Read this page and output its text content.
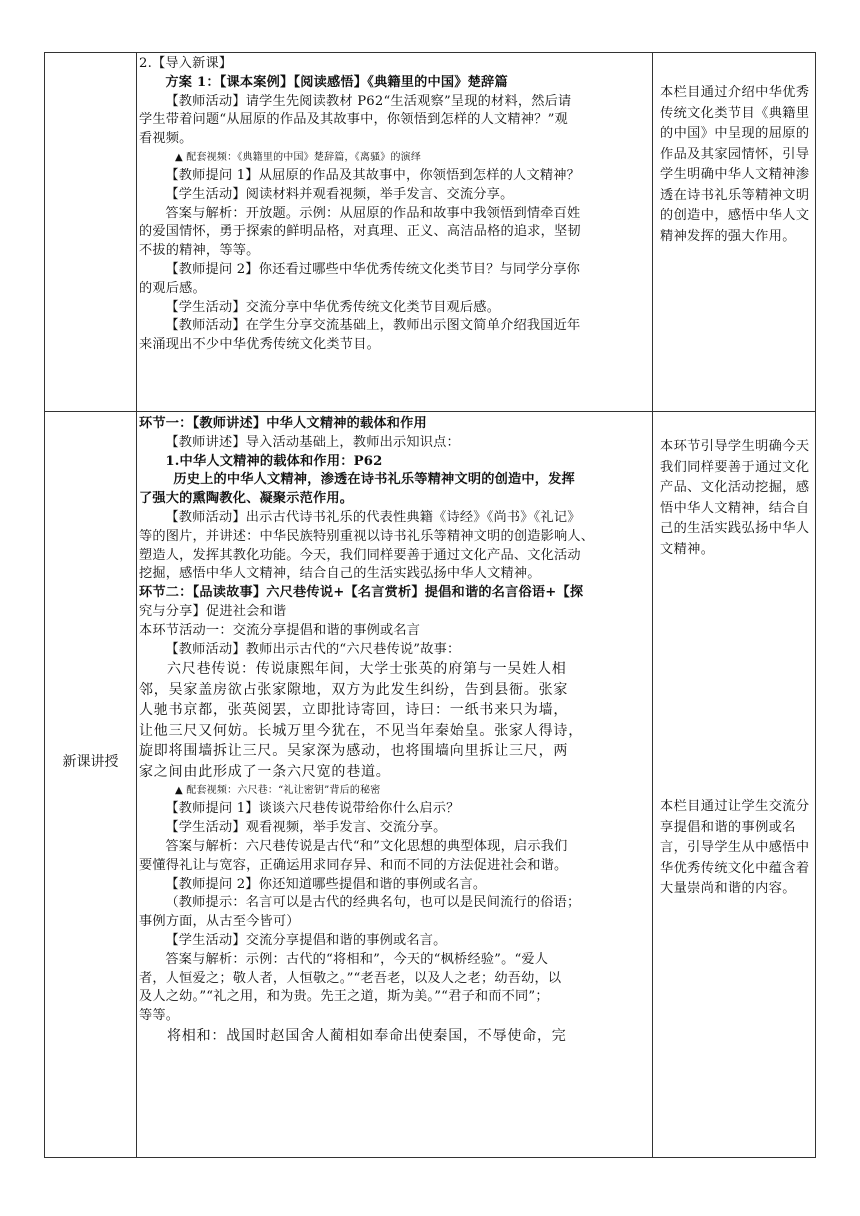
2.【导入新课】

方案 1：【课本案例】【阅读感悟】《典籍里的中国》楚辞篇

【教师活动】请学生先阅读教材 P62“生活观察”呈现的材料，然后请

学生带着问题“从屈原的作品及其故事中，你领悟到怎样的人文精神？”观

看视频。

▲ 配套视频：《典籍里的中国》楚辞篇，《离骚》的演绎

【教师提问 1】从屈原的作品及其故事中，你领悟到怎样的人文精神？

【学生活动】阅读材料并观看视频，举手发言、交流分享。

答案与解析：开放题。示例：从屈原的作品和故事中我领悟到情牵百姓

的爱国情怀，勇于探索的鲜明品格，对真理、正义、高洁品格的追求，坚韧

不拔的精神，等等。

【教师提问 2】你还看过哪些中华优秀传统文化类节目？与同学分享你

的观后感。

【学生活动】交流分享中华优秀传统文化类节目观后感。

【教师活动】在学生分享交流基础上，教师出示图文简单介绍我国近年

来涌现出不少中华优秀传统文化类节目。

本栏目通过介绍中华优秀传统文化类节目《典籍里的中国》中呈现的屈原的作品及其家园情怀，引导学生明确中华人文精神渗透在诗书礼乐等精神文明的创造中，感悟中华人文精神发挥的强大作用。

新课讲授

环节一：【教师讲述】中华人文精神的载体和作用

【教师讲述】导入活动基础上，教师出示知识点：

1.中华人文精神的载体和作用：P62

历史上的中华人文精神，渗透在诗书礼乐等精神文明的创造中，发挥

了强大的熏陶教化、凝聚示范作用。

【教师活动】出示古代诗书礼乐的代表性典籍《诗经》《尚书》《礼记》

等的图片，并讲述：中华民族特别重视以诗书礼乐等精神文明的创造影响人、

塑造人，发挥其教化功能。今天，我们同样要善于通过文化产品、文化活动

挖掘，感悟中华人文精神，结合自己的生活实践弘扬中华人文精神。

环节二：【品读故事】六尺巷传说+【名言赏析】提倡和谐的名言俗语+【探

究与分享】促进社会和谐

本环节活动一：交流分享提倡和谐的事例或名言

【教师活动】教师出示古代的“六尺巷传说”故事：

六尺巷传说：传说康熙年间，大学士张英的府第与一吴姓人相

邻，吴家盖房欲占张家隙地，双方为此发生纠纷，告到县衙。张家

人驰书京都，张英阅罢，立即批诗寄回，诗曰：一纸书来只为墙，

让他三尺又何妨。长城万里今犹在，不见当年秦始皇。张家人得诗，

旋即将围墙拆让三尺。吴家深为感动，也将围墙向里拆让三尺，两

家之间由此形成了一条六尺宽的巷道。

▲ 配套视频：六尺巷：“礼让密钥”背后的秘密

【教师提问 1】谈谈六尺巷传说带给你什么启示？

【学生活动】观看视频，举手发言、交流分享。

答案与解析：六尺巷传说是古代“和”文化思想的典型体现，启示我们

要懂得礼让与宽容，正确运用求同存异、和而不同的方法促进社会和谐。

【教师提问 2】你还知道哪些提倡和谐的事例或名言。

（教师提示：名言可以是古代的经典名句，也可以是民间流行的俗语；

事例方面，从古至今皆可）

【学生活动】交流分享提倡和谐的事例或名言。

答案与解析：示例：古代的“将相和”，今天的“枫桥经验”。“爱人

者，人恒爱之；敬人者，人恒敬之。”“老吾老，以及人之老；幼吾幼，以

及人之幼。”“礼之用，和为贵。先王之道，斯为美。”“君子和而不同”；

等等。

将相和：战国时赵国舍人蔺相如奉命出使秦国，不辱使命，完

本环节引导学生明确今天我们同样要善于通过文化产品、文化活动挖掘，感悟中华人文精神，结合自己的生活实践弘扬中华人文精神。

本栏目通过让学生交流分享提倡和谐的事例或名言，引导学生从中感悟中华优秀传统文化中蕴含着大量崇尚和谐的内容。
